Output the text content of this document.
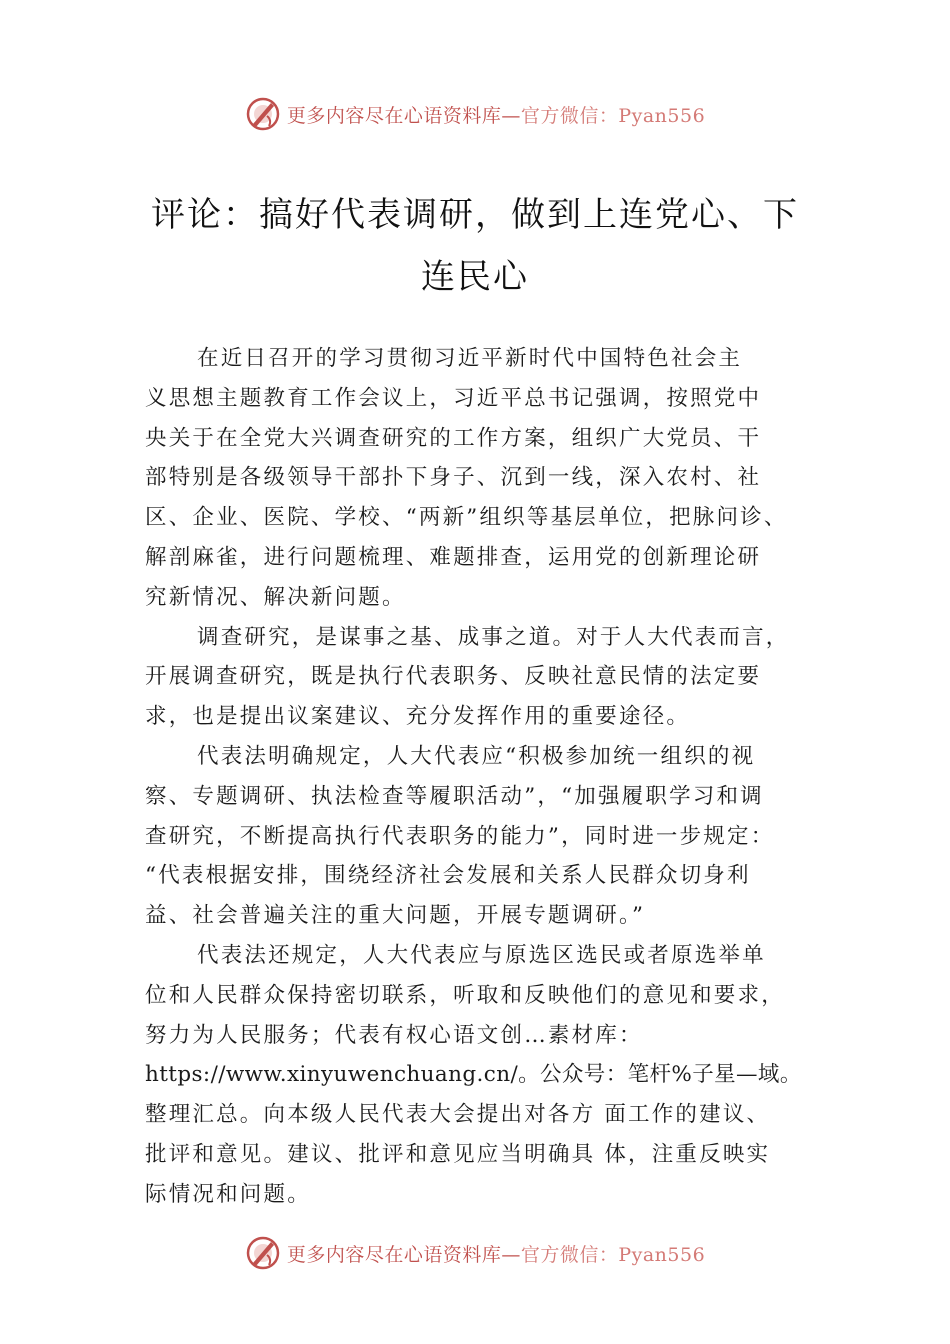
更多内容尽在心语资料库—官方微信：Pyan556
评论：搞好代表调研，做到上连党心、下
连民心
在近日召开的学习贯彻习近平新时代中国特色社会主
义思想主题教育工作会议上，习近平总书记强调，按照党中
央关于在全党大兴调查研究的工作方案，组织广大党员、干
部特别是各级领导干部扑下身子、沉到一线，深入农村、社
区、企业、医院、学校、“两新”组织等基层单位，把脉问诊、
解剖麻雀，进行问题梳理、难题排查，运用党的创新理论研
究新情况、解决新问题。
调查研究，是谋事之基、成事之道。对于人大代表而言，
开展调查研究，既是执行代表职务、反映社意民情的法定要
求，也是提出议案建议、充分发挥作用的重要途径。
代表法明确规定，人大代表应“积极参加统一组织的视
察、专题调研、执法检查等履职活动”，“加强履职学习和调
查研究，不断提高执行代表职务的能力”，同时进一步规定：
“代表根据安排，围绕经济社会发展和关系人民群众切身利
益、社会普遍关注的重大问题，开展专题调研。”
代表法还规定，人大代表应与原选区选民或者原选举单
位和人民群众保持密切联系，听取和反映他们的意见和要求，
努力为人民服务；代表有权心语文创…素材库：
https://www.xinyuwenchuang.cn/。公众号：笔杆%子星—域。
整理汇总。向本级人民代表大会提出对各方 面工作的建议、
批评和意见。建议、批评和意见应当明确具 体，注重反映实
际情况和问题。
更多内容尽在心语资料库—官方微信：Pyan556
